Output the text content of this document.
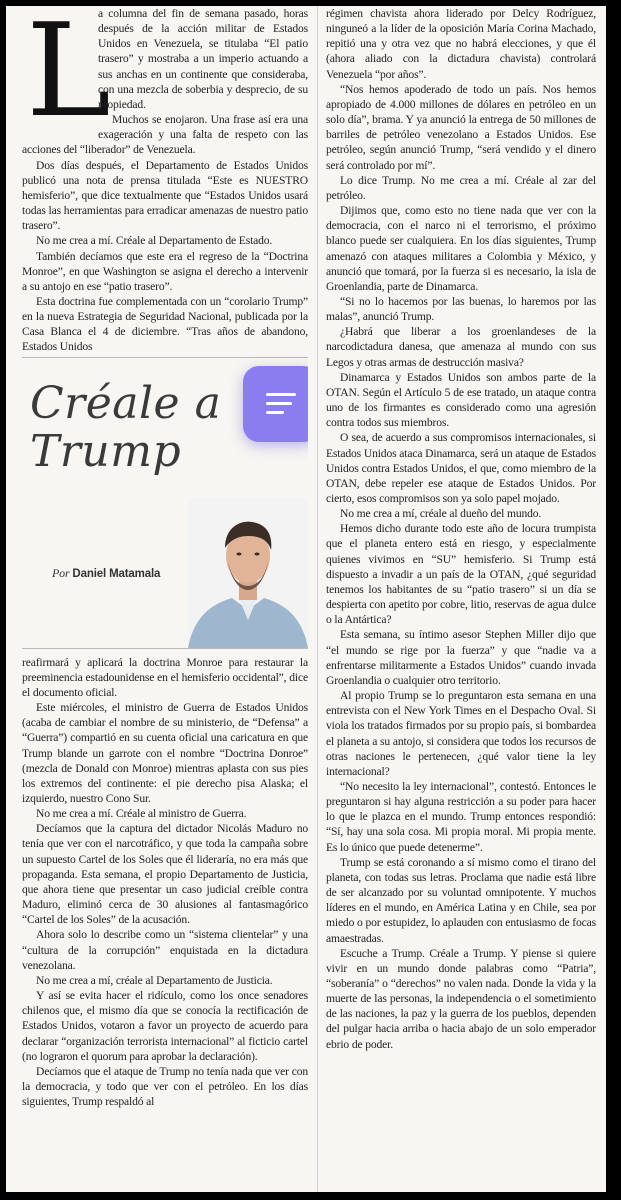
L

a columna del fin de semana pasado, horas después de la acción militar de Estados Unidos en Venezuela, se titulaba “El patio trasero” y mostraba a un imperio actuando a sus anchas en un continente que consideraba, con una mezcla de soberbia y desprecio, de su propiedad.

Muchos se enojaron. Una frase así era una exageración y una falta de respeto con las acciones del “liberador” de Venezuela.

Dos días después, el Departamento de Estados Unidos publicó una nota de prensa titulada “Este es NUESTRO hemisferio”, que dice textualmente que “Estados Unidos usará todas las herramientas para erradicar amenazas de nuestro patio trasero”.

No me crea a mí. Créale al Departamento de Estado.

También decíamos que este era el regreso de la “Doctrina Monroe”, en que Washington se asigna el derecho a intervenir a su antojo en ese “patio trasero”.

Esta doctrina fue complementada con un “corolario Trump” en la nueva Estrategia de Seguridad Nacional, publicada por la Casa Blanca el 4 de diciembre. “Tras años de abandono, Estados Unidos

Créale a
Trump
Por Daniel Matamala

reafirmará y aplicará la doctrina Monroe para restaurar la preeminencia estadounidense en el hemisferio occidental”, dice el documento oficial.

Este miércoles, el ministro de Guerra de Estados Unidos (acaba de cambiar el nombre de su ministerio, de “Defensa” a “Guerra”) compartió en su cuenta oficial una caricatura en que Trump blande un garrote con el nombre “Doctrina Donroe” (mezcla de Donald con Monroe) mientras aplasta con sus pies los extremos del continente: el pie derecho pisa Alaska; el izquierdo, nuestro Cono Sur.

No me crea a mí. Créale al ministro de Guerra.

Decíamos que la captura del dictador Nicolás Maduro no tenía que ver con el narcotráfico, y que toda la campaña sobre un supuesto Cartel de los Soles que él lideraría, no era más que propaganda. Esta semana, el propio Departamento de Justicia, que ahora tiene que presentar un caso judicial creíble contra Maduro, eliminó cerca de 30 alusiones al fantasmagórico “Cartel de los Soles” de la acusación.

Ahora solo lo describe como un “sistema clientelar” y una “cultura de la corrupción” enquistada en la dictadura venezolana.

No me crea a mí, créale al Departamento de Justicia.

Y así se evita hacer el ridículo, como los once senadores chilenos que, el mismo día que se conocía la rectificación de Estados Unidos, votaron a favor un proyecto de acuerdo para declarar “organización terrorista internacional” al ficticio cartel (no lograron el quorum para aprobar la declaración).

Decíamos que el ataque de Trump no tenía nada que ver con la democracia, y todo que ver con el petróleo. En los días siguientes, Trump respaldó al

régimen chavista ahora liderado por Delcy Rodríguez, ninguneó a la líder de la oposición María Corina Machado, repitió una y otra vez que no habrá elecciones, y que él (ahora aliado con la dictadura chavista) controlará Venezuela “por años”.

“Nos hemos apoderado de todo un país. Nos hemos apropiado de 4.000 millones de dólares en petróleo en un solo día”, brama. Y ya anunció la entrega de 50 millones de barriles de petróleo venezolano a Estados Unidos. Ese petróleo, según anunció Trump, “será vendido y el dinero será controlado por mí”.

Lo dice Trump. No me crea a mí. Créale al zar del petróleo.

Dijimos que, como esto no tiene nada que ver con la democracia, con el narco ni el terrorismo, el próximo blanco puede ser cualquiera. En los días siguientes, Trump amenazó con ataques militares a Colombia y México, y anunció que tomará, por la fuerza si es necesario, la isla de Groenlandia, parte de Dinamarca.

“Si no lo hacemos por las buenas, lo haremos por las malas”, anunció Trump.

¿Habrá que liberar a los groenlandeses de la narcodictadura danesa, que amenaza al mundo con sus Legos y otras armas de destrucción masiva?

Dinamarca y Estados Unidos son ambos parte de la OTAN. Según el Artículo 5 de ese tratado, un ataque contra uno de los firmantes es considerado como una agresión contra todos sus miembros.

O sea, de acuerdo a sus compromisos internacionales, si Estados Unidos ataca Dinamarca, será un ataque de Estados Unidos contra Estados Unidos, el que, como miembro de la OTAN, debe repeler ese ataque de Estados Unidos. Por cierto, esos compromisos son ya solo papel mojado.

No me crea a mí, créale al dueño del mundo.

Hemos dicho durante todo este año de locura trumpista que el planeta entero está en riesgo, y especialmente quienes vivimos en “SU” hemisferio. Si Trump está dispuesto a invadir a un país de la OTAN, ¿qué seguridad tenemos los habitantes de su “patio trasero” si un día se despierta con apetito por cobre, litio, reservas de agua dulce o la Antártica?

Esta semana, su íntimo asesor Stephen Miller dijo que “el mundo se rige por la fuerza” y que “nadie va a enfrentarse militarmente a Estados Unidos” cuando invada Groenlandia o cualquier otro territorio.

Al propio Trump se lo preguntaron esta semana en una entrevista con el New York Times en el Despacho Oval. Si viola los tratados firmados por su propio país, si bombardea el planeta a su antojo, si considera que todos los recursos de otras naciones le pertenecen, ¿qué valor tiene la ley internacional?

“No necesito la ley internacional”, contestó. Entonces le preguntaron si hay alguna restricción a su poder para hacer lo que le plazca en el mundo. Trump entonces respondió: “Sí, hay una sola cosa. Mi propia moral. Mi propia mente. Es lo único que puede detenerme”.

Trump se está coronando a sí mismo como el tirano del planeta, con todas sus letras. Proclama que nadie está libre de ser alcanzado por su voluntad omnipotente. Y muchos líderes en el mundo, en América Latina y en Chile, sea por miedo o por estupidez, lo aplauden con entusiasmo de focas amaestradas.

Escuche a Trump. Créale a Trump. Y piense si quiere vivir en un mundo donde palabras como “Patria”, “soberanía” o “derechos” no valen nada. Donde la vida y la muerte de las personas, la independencia o el sometimiento de las naciones, la paz y la guerra de los pueblos, dependen del pulgar hacia arriba o hacia abajo de un solo emperador ebrio de poder.
